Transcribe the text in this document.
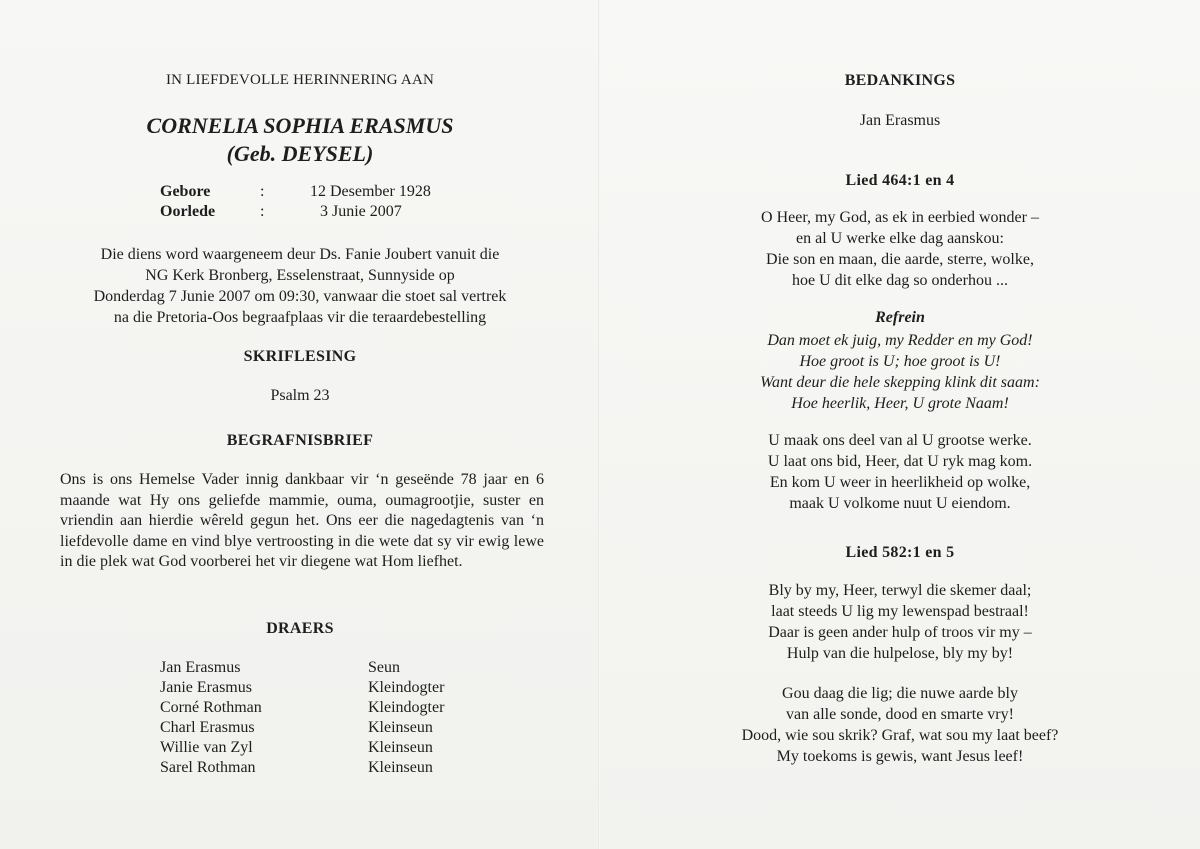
IN LIEFDEVOLLE HERINNERING AAN
CORNELIA SOPHIA ERASMUS
(Geb. DEYSEL)
Gebore	:	12 Desember 1928
Oorlede	:	3 Junie 2007
Die diens word waargeneem deur Ds. Fanie Joubert vanuit die
NG Kerk Bronberg, Esselenstraat, Sunnyside op
Donderdag 7 Junie 2007 om 09:30, vanwaar die stoet sal vertrek
na die Pretoria-Oos begraafplaas vir die teraardebestelling
SKRIFLESING
Psalm 23
BEGRAFNISBRIEF
Ons is ons Hemelse Vader innig dankbaar vir ‘n geseënde 78 jaar en 6 maande wat Hy ons geliefde mammie, ouma, oumagrootjie, suster en vriendin aan hierdie wêreld gegun het. Ons eer die nagedagtenis van ‘n liefdevolle dame en vind blye vertroosting in die wete dat sy vir ewig lewe in die plek wat God voorberei het vir diegene wat Hom liefhet.
DRAERS
Jan Erasmus	Seun
Janie Erasmus	Kleindogter
Corné Rothman	Kleindogter
Charl Erasmus	Kleinseun
Willie van Zyl	Kleinseun
Sarel Rothman	Kleinseun
BEDANKINGS
Jan Erasmus
Lied 464:1 en 4
O Heer, my God, as ek in eerbied wonder –
en al U werke elke dag aanskou:
Die son en maan, die aarde, sterre, wolke,
hoe U dit elke dag so onderhou ...
Refrein
Dan moet ek juig, my Redder en my God!
Hoe groot is U; hoe groot is U!
Want deur die hele skepping klink dit saam:
Hoe heerlik, Heer, U grote Naam!
U maak ons deel van al U grootse werke.
U laat ons bid, Heer, dat U ryk mag kom.
En kom U weer in heerlikheid op wolke,
maak U volkome nuut U eiendom.
Lied 582:1 en 5
Bly by my, Heer, terwyl die skemer daal;
laat steeds U lig my lewenspad bestraal!
Daar is geen ander hulp of troos vir my –
Hulp van die hulpelose, bly my by!
Gou daag die lig; die nuwe aarde bly
van alle sonde, dood en smarte vry!
Dood, wie sou skrik? Graf, wat sou my laat beef?
My toekoms is gewis, want Jesus leef!
